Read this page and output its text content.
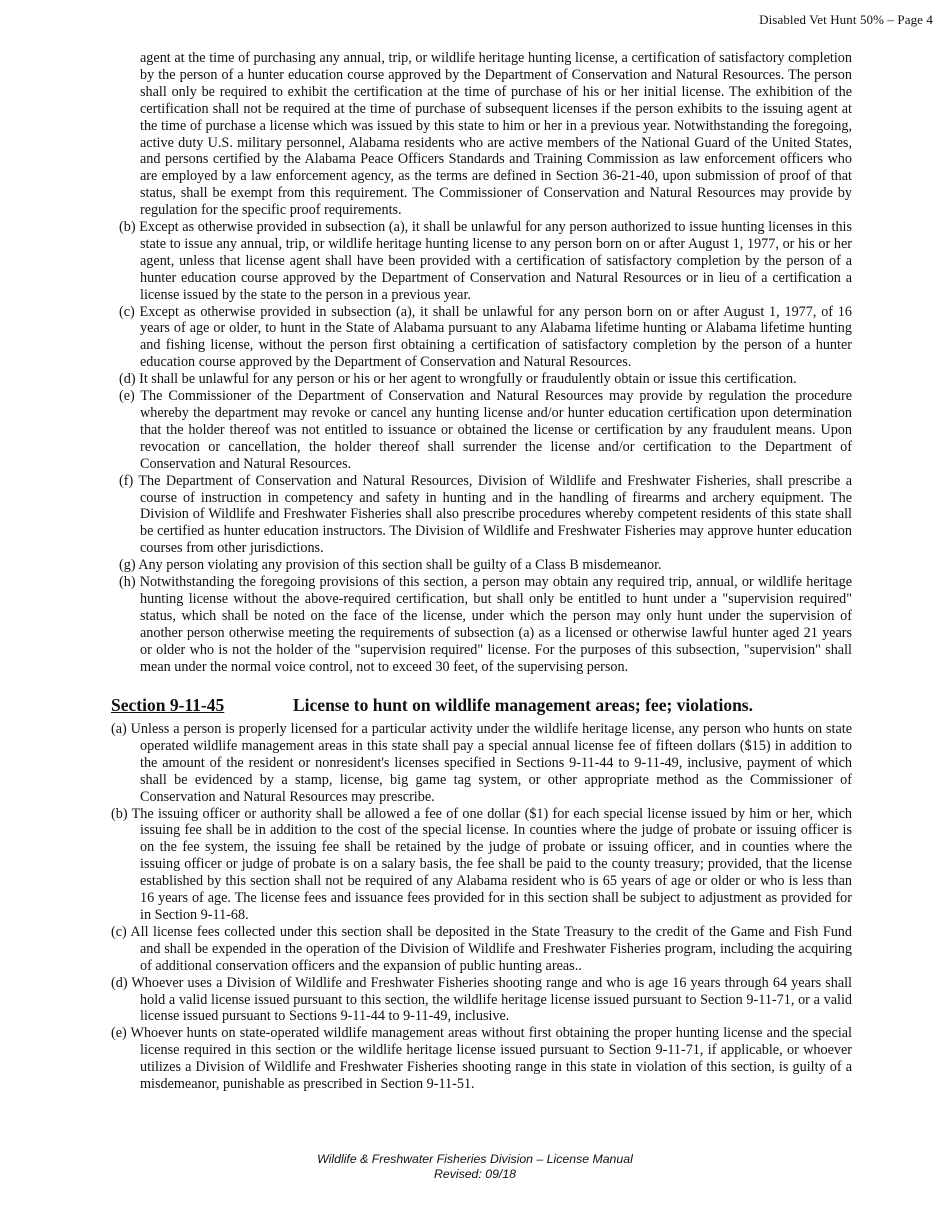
Disabled Vet Hunt 50% – Page 4
agent at the time of purchasing any annual, trip, or wildlife heritage hunting license, a certification of satisfactory completion by the person of a hunter education course approved by the Department of Conservation and Natural Resources. The person shall only be required to exhibit the certification at the time of purchase of his or her initial license. The exhibition of the certification shall not be required at the time of purchase of subsequent licenses if the person exhibits to the issuing agent at the time of purchase a license which was issued by this state to him or her in a previous year. Notwithstanding the foregoing, active duty U.S. military personnel, Alabama residents who are active members of the National Guard of the United States, and persons certified by the Alabama Peace Officers Standards and Training Commission as law enforcement officers who are employed by a law enforcement agency, as the terms are defined in Section 36-21-40, upon submission of proof of that status, shall be exempt from this requirement. The Commissioner of Conservation and Natural Resources may provide by regulation for the specific proof requirements.
(b) Except as otherwise provided in subsection (a), it shall be unlawful for any person authorized to issue hunting licenses in this state to issue any annual, trip, or wildlife heritage hunting license to any person born on or after August 1, 1977, or his or her agent, unless that license agent shall have been provided with a certification of satisfactory completion by the person of a hunter education course approved by the Department of Conservation and Natural Resources or in lieu of a certification a license issued by the state to the person in a previous year.
(c) Except as otherwise provided in subsection (a), it shall be unlawful for any person born on or after August 1, 1977, of 16 years of age or older, to hunt in the State of Alabama pursuant to any Alabama lifetime hunting or Alabama lifetime hunting and fishing license, without the person first obtaining a certification of satisfactory completion by the person of a hunter education course approved by the Department of Conservation and Natural Resources.
(d) It shall be unlawful for any person or his or her agent to wrongfully or fraudulently obtain or issue this certification.
(e) The Commissioner of the Department of Conservation and Natural Resources may provide by regulation the procedure whereby the department may revoke or cancel any hunting license and/or hunter education certification upon determination that the holder thereof was not entitled to issuance or obtained the license or certification by any fraudulent means. Upon revocation or cancellation, the holder thereof shall surrender the license and/or certification to the Department of Conservation and Natural Resources.
(f) The Department of Conservation and Natural Resources, Division of Wildlife and Freshwater Fisheries, shall prescribe a course of instruction in competency and safety in hunting and in the handling of firearms and archery equipment. The Division of Wildlife and Freshwater Fisheries shall also prescribe procedures whereby competent residents of this state shall be certified as hunter education instructors. The Division of Wildlife and Freshwater Fisheries may approve hunter education courses from other jurisdictions.
(g) Any person violating any provision of this section shall be guilty of a Class B misdemeanor.
(h) Notwithstanding the foregoing provisions of this section, a person may obtain any required trip, annual, or wildlife heritage hunting license without the above-required certification, but shall only be entitled to hunt under a "supervision required" status, which shall be noted on the face of the license, under which the person may only hunt under the supervision of another person otherwise meeting the requirements of subsection (a) as a licensed or otherwise lawful hunter aged 21 years or older who is not the holder of the "supervision required" license. For the purposes of this subsection, "supervision" shall mean under the normal voice control, not to exceed 30 feet, of the supervising person.
Section 9-11-45	License to hunt on wildlife management areas; fee; violations.
(a) Unless a person is properly licensed for a particular activity under the wildlife heritage license, any person who hunts on state operated wildlife management areas in this state shall pay a special annual license fee of fifteen dollars ($15) in addition to the amount of the resident or nonresident's licenses specified in Sections 9-11-44 to 9-11-49, inclusive, payment of which shall be evidenced by a stamp, license, big game tag system, or other appropriate method as the Commissioner of Conservation and Natural Resources may prescribe.
(b) The issuing officer or authority shall be allowed a fee of one dollar ($1) for each special license issued by him or her, which issuing fee shall be in addition to the cost of the special license. In counties where the judge of probate or issuing officer is on the fee system, the issuing fee shall be retained by the judge of probate or issuing officer, and in counties where the issuing officer or judge of probate is on a salary basis, the fee shall be paid to the county treasury; provided, that the license established by this section shall not be required of any Alabama resident who is 65 years of age or older or who is less than 16 years of age. The license fees and issuance fees provided for in this section shall be subject to adjustment as provided for in Section 9-11-68.
(c) All license fees collected under this section shall be deposited in the State Treasury to the credit of the Game and Fish Fund and shall be expended in the operation of the Division of Wildlife and Freshwater Fisheries program, including the acquiring of additional conservation officers and the expansion of public hunting areas..
(d) Whoever uses a Division of Wildlife and Freshwater Fisheries shooting range and who is age 16 years through 64 years shall hold a valid license issued pursuant to this section, the wildlife heritage license issued pursuant to Section 9-11-71, or a valid license issued pursuant to Sections 9-11-44 to 9-11-49, inclusive.
(e) Whoever hunts on state-operated wildlife management areas without first obtaining the proper hunting license and the special license required in this section or the wildlife heritage license issued pursuant to Section 9-11-71, if applicable, or whoever utilizes a Division of Wildlife and Freshwater Fisheries shooting range in this state in violation of this section, is guilty of a misdemeanor, punishable as prescribed in Section 9-11-51.
Wildlife & Freshwater Fisheries Division – License Manual
Revised: 09/18
